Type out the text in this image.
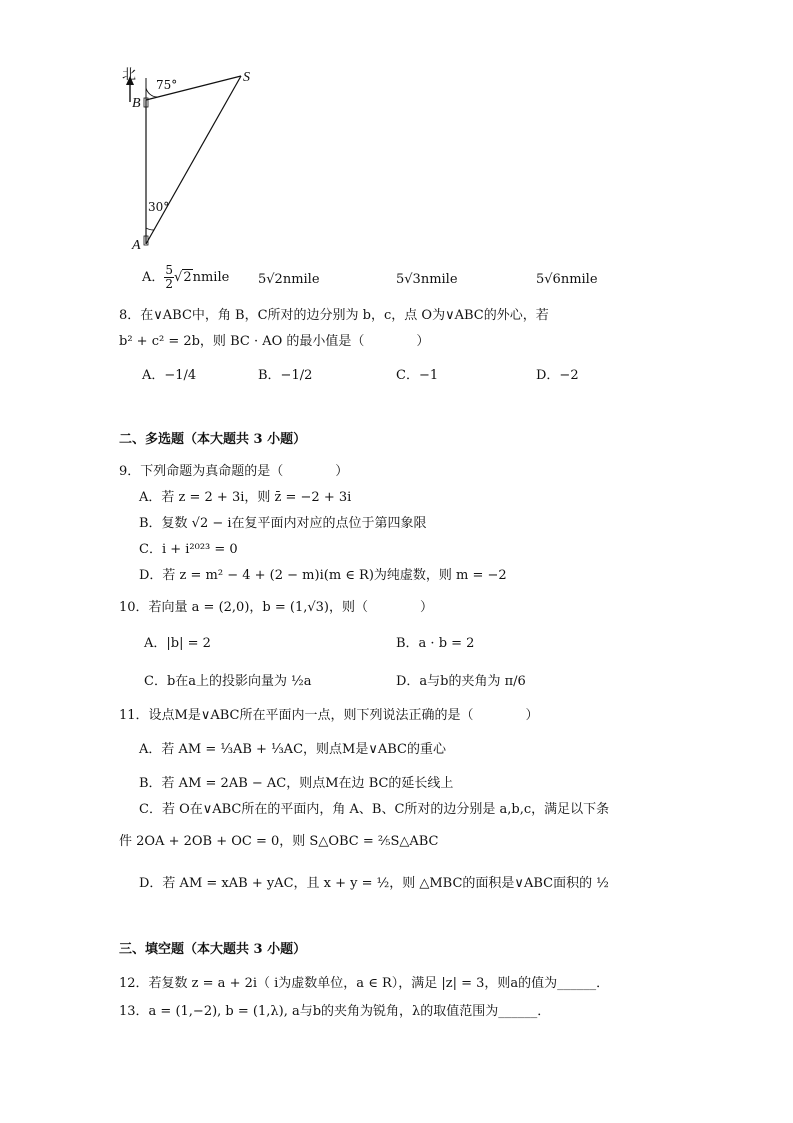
北
B
S
A
75°
30°
A． $\frac{5}{2}$ √2nmile 5√2nmile	5√3nmile	5√6nmile
8．在∨ABC中，角 B，C所对的边分别为 b，c，点 O为∨ABC的外心，若
b² + c² = 2b，则 BC · AO 的最小值是（　　　　）
A．−1/4	B．−1/2	C．−1	D．−2
二、多选题（本大题共 3 小题）
9．下列命题为真命题的是（　　　　）
A．若 z = 2 + 3i，则 z̄ = −2 + 3i
B．复数 √2 − i在复平面内对应的点位于第四象限
C．i + i²⁰²³ = 0
D．若 z = m² − 4 + (2 − m)i(m ∈ R)为纯虚数，则 m = −2
10．若向量 a = (2,0)，b = (1,√3)，则（　　　　）
A．|b| = 2	B．a · b = 2
C．b在a上的投影向量为 ½a	D．a与b的夹角为 π/6
11．设点M是∨ABC所在平面内一点，则下列说法正确的是（　　　　）
A．若 AM = ⅓AB + ⅓AC，则点M是∨ABC的重心
B．若 AM = 2AB − AC，则点M在边 BC的延长线上
C．若 O在∨ABC所在的平面内，角 A、B、C所对的边分别是 a,b,c，满足以下条
件 2OA + 2OB + OC = 0，则 S△OBC = ⅖S△ABC
D．若 AM = xAB + yAC，且 x + y = ½，则 △MBC的面积是∨ABC面积的 ½
三、填空题（本大题共 3 小题）
12．若复数 z = a + 2i（ i为虚数单位，a ∈ R），满足 |z| = 3，则a的值为______．
13．a = (1,−2), b = (1,λ), a与b的夹角为锐角，λ的取值范围为______．
